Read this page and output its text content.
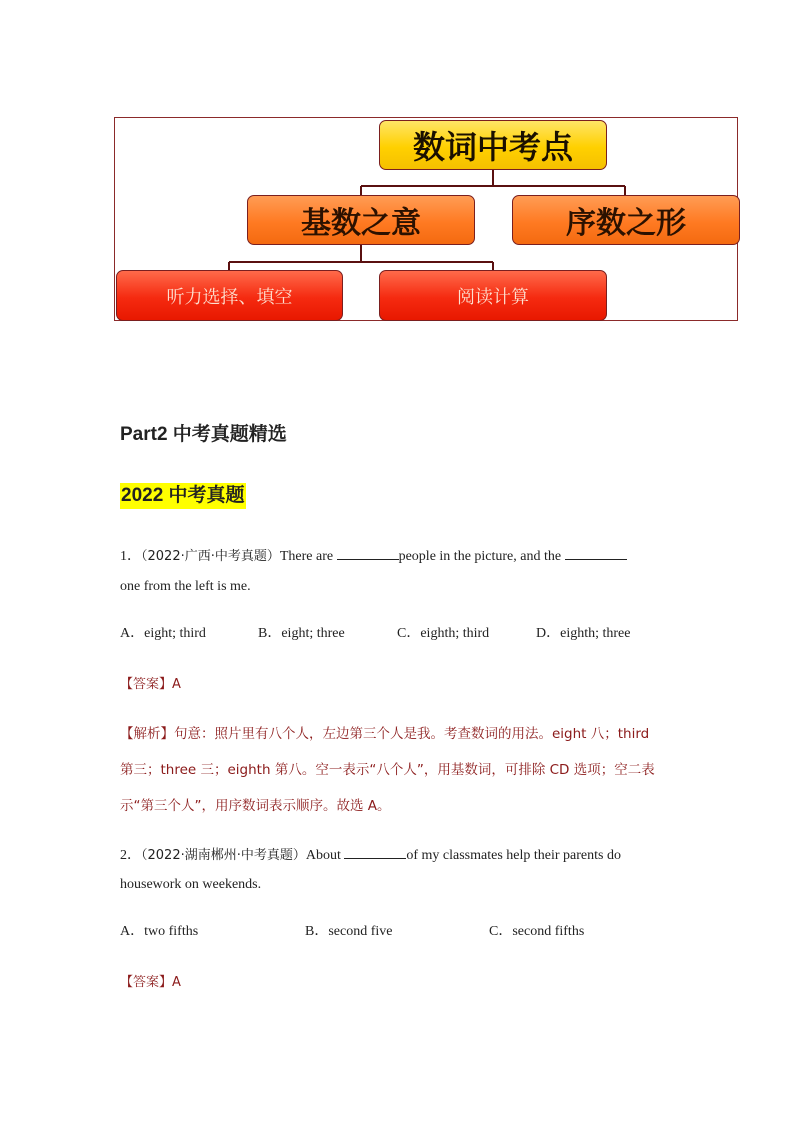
数词中考点
基数之意	序数之形
听力选择、填空	阅读计算
Part2 中考真题精选
2022 中考真题
1．（2022·广西·中考真题）There are	people in the picture, and the
one from the left is me.
A．eight; third	B．eight; three	C．eighth; third	D．eighth; three
【答案】A
【解析】句意：照片里有八个人，左边第三个人是我。考查数词的用法。eight 八；third
第三；three 三；eighth 第八。空一表示“八个人”，用基数词，可排除 CD 选项；空二表
示“第三个人”，用序数词表示顺序。故选 A。
2．（2022·湖南郴州·中考真题）About	of my classmates help their parents do
housework on weekends.
A．two fifths	B．second five	C．second fifths
【答案】A
